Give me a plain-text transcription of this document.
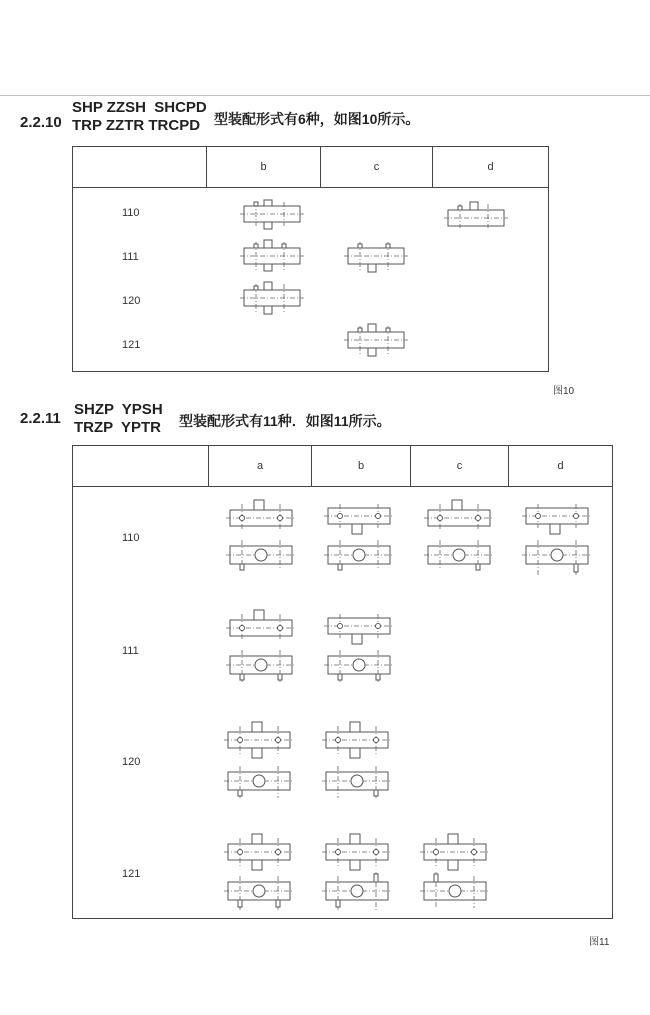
2.2.10
SHP ZZSH  SHCPD
TRP ZZTR TRCPD 型装配形式有6种，如图10所示。
	b	c	d

110
111
120
121
图10
2.2.11
SHZP  YPSH
TRZP  YPTR 型装配形式有11种．如图11所示。
	a	b	c	d

110
111
120
121
图11
